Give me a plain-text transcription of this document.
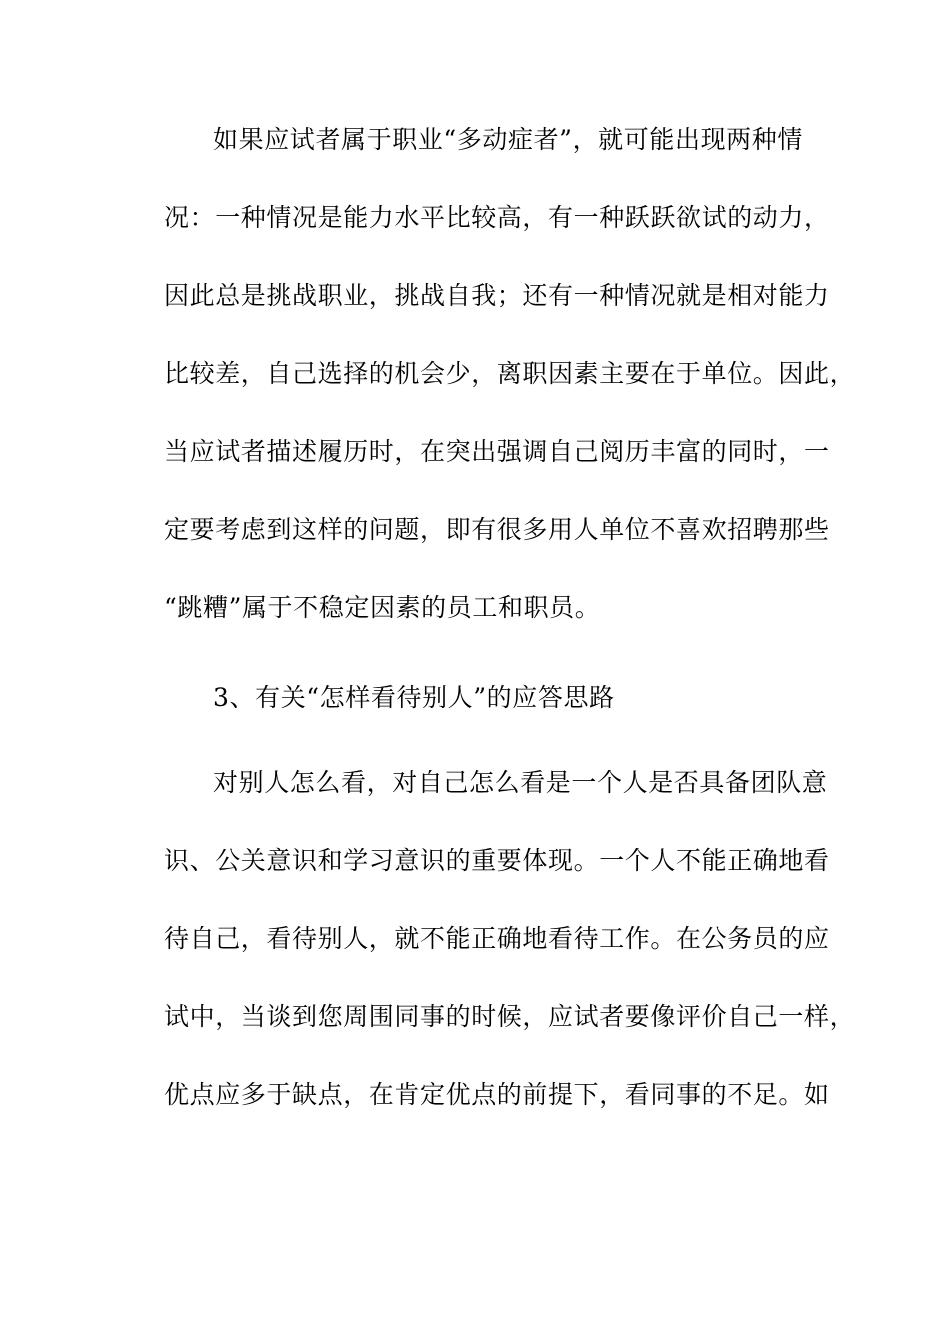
如果应试者属于职业“多动症者”，就可能出现两种情
况：一种情况是能力水平比较高，有一种跃跃欲试的动力，
因此总是挑战职业，挑战自我；还有一种情况就是相对能力
比较差，自己选择的机会少，离职因素主要在于单位。因此，
当应试者描述履历时，在突出强调自己阅历丰富的同时，一
定要考虑到这样的问题，即有很多用人单位不喜欢招聘那些
“跳糟”属于不稳定因素的员工和职员。
3、有关“怎样看待别人”的应答思路
对别人怎么看，对自己怎么看是一个人是否具备团队意
识、公关意识和学习意识的重要体现。一个人不能正确地看
待自己，看待别人，就不能正确地看待工作。在公务员的应
试中，当谈到您周围同事的时候，应试者要像评价自己一样，
优点应多于缺点，在肯定优点的前提下，看同事的不足。如
